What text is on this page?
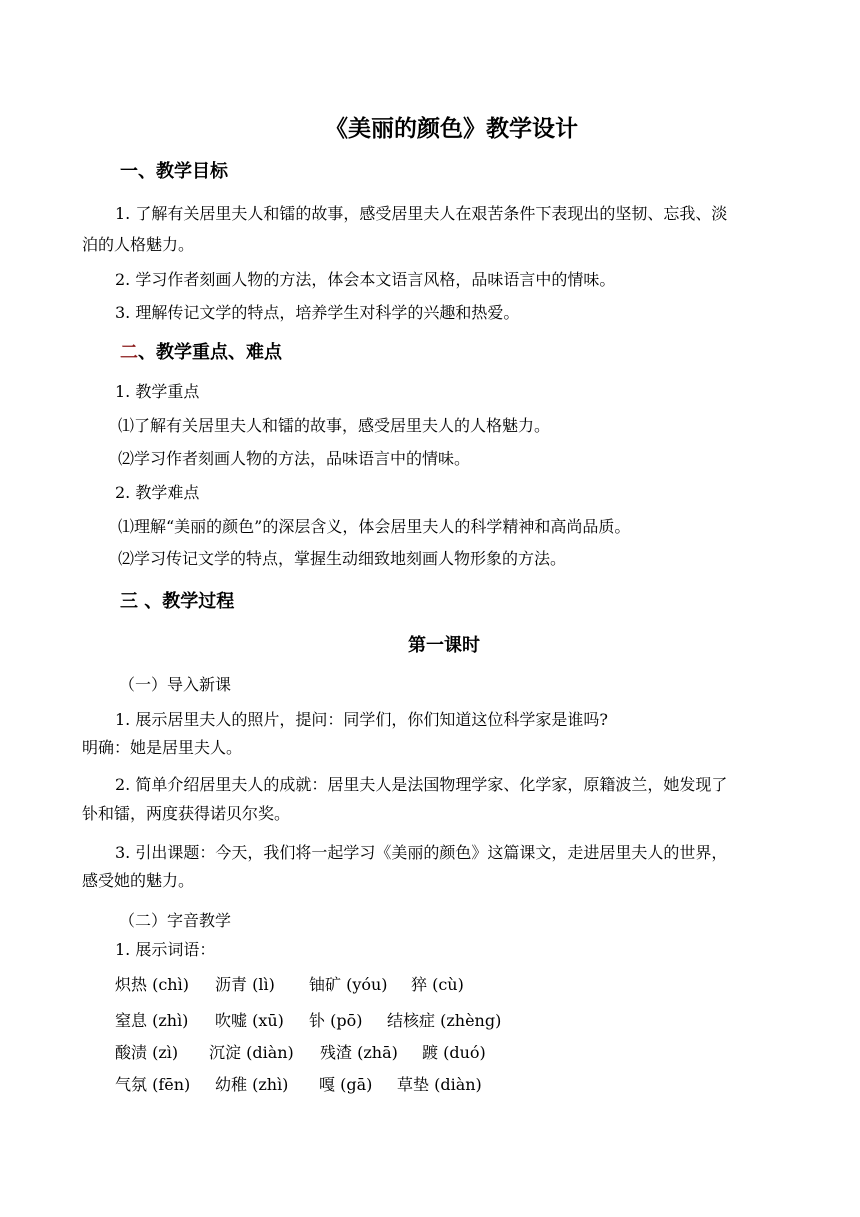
《美丽的颜色》教学设计
一、教学目标
1. 了解有关居里夫人和镭的故事，感受居里夫人在艰苦条件下表现出的坚韧、忘我、淡
泊的人格魅力。
2. 学习作者刻画人物的方法，体会本文语言风格，品味语言中的情味。
3. 理解传记文学的特点，培养学生对科学的兴趣和热爱。
二、教学重点、难点
1. 教学重点
⑴了解有关居里夫人和镭的故事，感受居里夫人的人格魅力。
⑵学习作者刻画人物的方法，品味语言中的情味。
2. 教学难点
⑴理解“美丽的颜色”的深层含义，体会居里夫人的科学精神和高尚品质。
⑵学习传记文学的特点，掌握生动细致地刻画人物形象的方法。
三 、教学过程
第一课时
（一）导入新课
1. 展示居里夫人的照片，提问：同学们，你们知道这位科学家是谁吗?
明确：她是居里夫人。
2. 简单介绍居里夫人的成就：居里夫人是法国物理学家、化学家，原籍波兰，她发现了
钋和镭，两度获得诺贝尔奖。
3. 引出课题：今天，我们将一起学习《美丽的颜色》这篇课文，走进居里夫人的世界，
感受她的魅力。
（二）字音教学
1. 展示词语：
炽热 (chì) 沥青 (lì) 铀矿 (yóu) 猝 (cù)
窒息 (zhì) 吹嘘 (xū) 钋 (pō) 结核症 (zhèng)
酸渍 (zì) 沉淀 (diàn) 残渣 (zhā) 踱 (duó)
气氛 (fēn) 幼稚 (zhì) 嘎 (gā) 草垫 (diàn)
